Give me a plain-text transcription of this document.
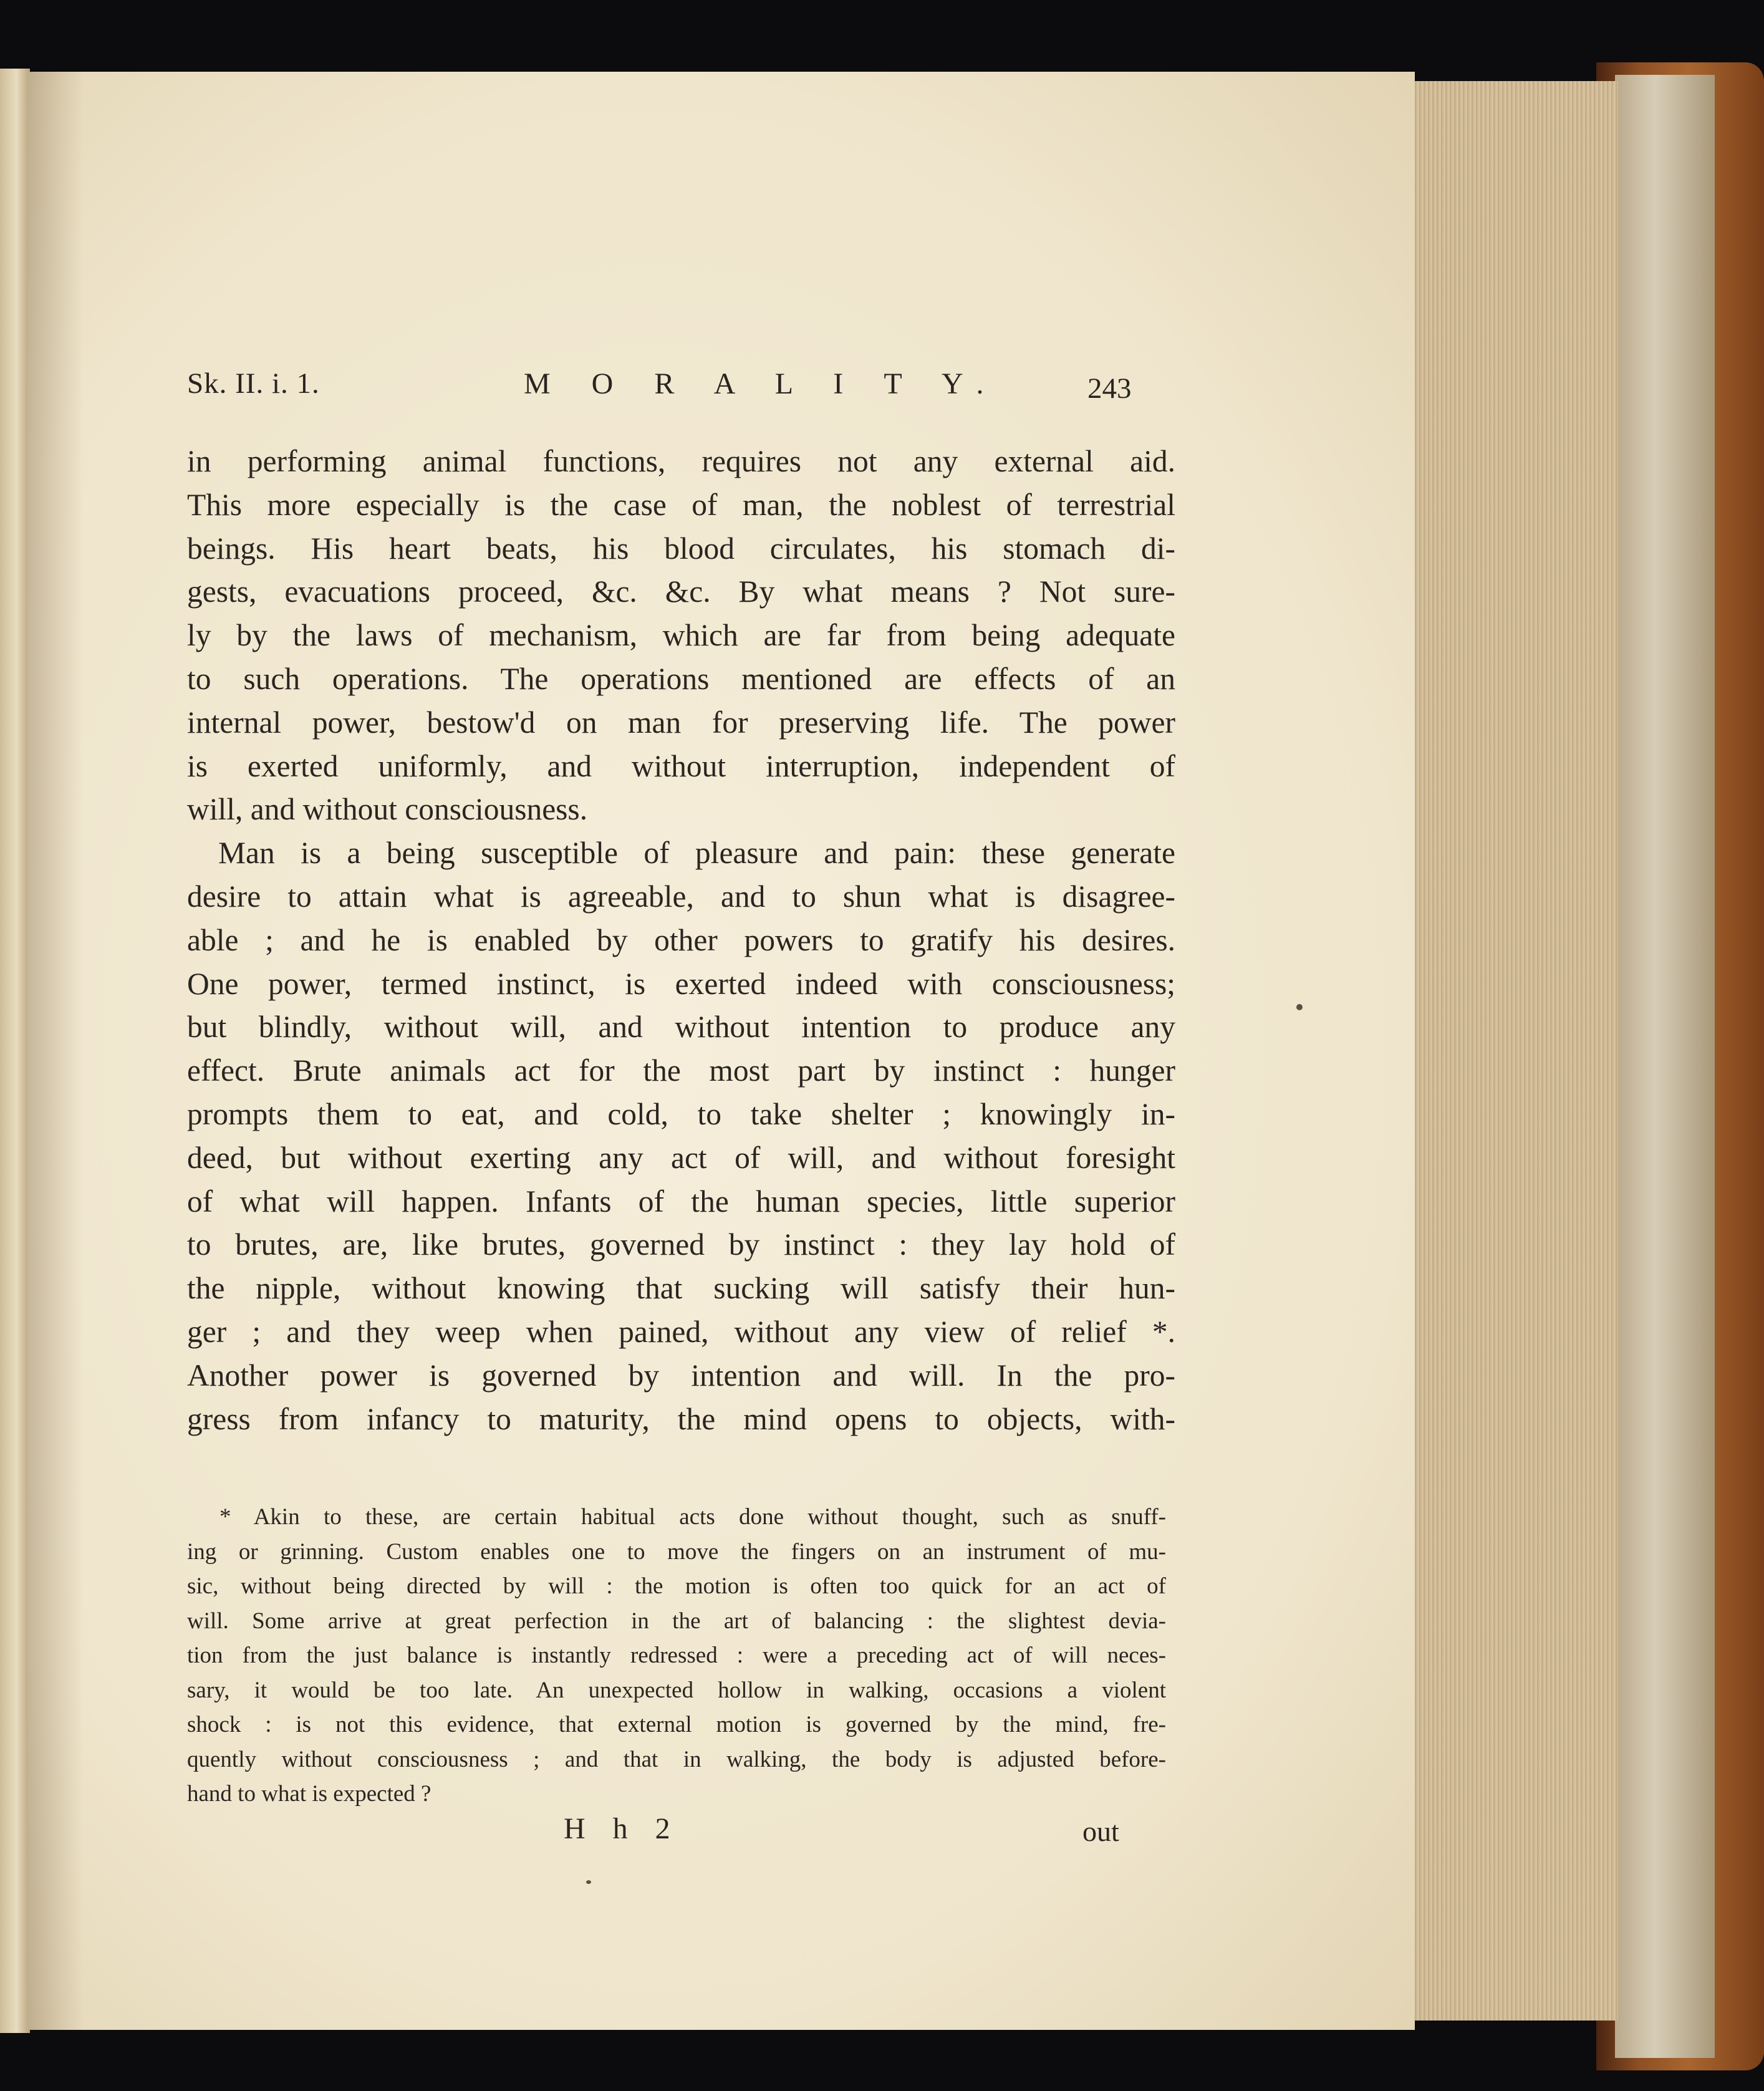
Sk. II. i. 1.	M O R A L I T Y.	243
in performing animal functions, requires not any external aid.
This more especially is the case of man, the noblest of terrestrial
beings. His heart beats, his blood circulates, his stomach di-
gests, evacuations proceed, &c. &c. By what means ? Not sure-
ly by the laws of mechanism, which are far from being adequate
to such operations. The operations mentioned are effects of an
internal power, bestow'd on man for preserving life. The power
is exerted uniformly, and without interruption, independent of
will, and without consciousness.
Man is a being susceptible of pleasure and pain: these generate
desire to attain what is agreeable, and to shun what is disagree-
able ; and he is enabled by other powers to gratify his desires.
One power, termed instinct, is exerted indeed with consciousness;
but blindly, without will, and without intention to produce any
effect. Brute animals act for the most part by instinct : hunger
prompts them to eat, and cold, to take shelter ; knowingly in-
deed, but without exerting any act of will, and without foresight
of what will happen. Infants of the human species, little superior
to brutes, are, like brutes, governed by instinct : they lay hold of
the nipple, without knowing that sucking will satisfy their hun-
ger ; and they weep when pained, without any view of relief *.
Another power is governed by intention and will. In the pro-
gress from infancy to maturity, the mind opens to objects, with-
* Akin to these, are certain habitual acts done without thought, such as snuff-
ing or grinning. Custom enables one to move the fingers on an instrument of mu-
sic, without being directed by will : the motion is often too quick for an act of
will. Some arrive at great perfection in the art of balancing : the slightest devia-
tion from the just balance is instantly redressed : were a preceding act of will neces-
sary, it would be too late. An unexpected hollow in walking, occasions a violent
shock : is not this evidence, that external motion is governed by the mind, fre-
quently without consciousness ; and that in walking, the body is adjusted before-
hand to what is expected ?
H h 2	out
